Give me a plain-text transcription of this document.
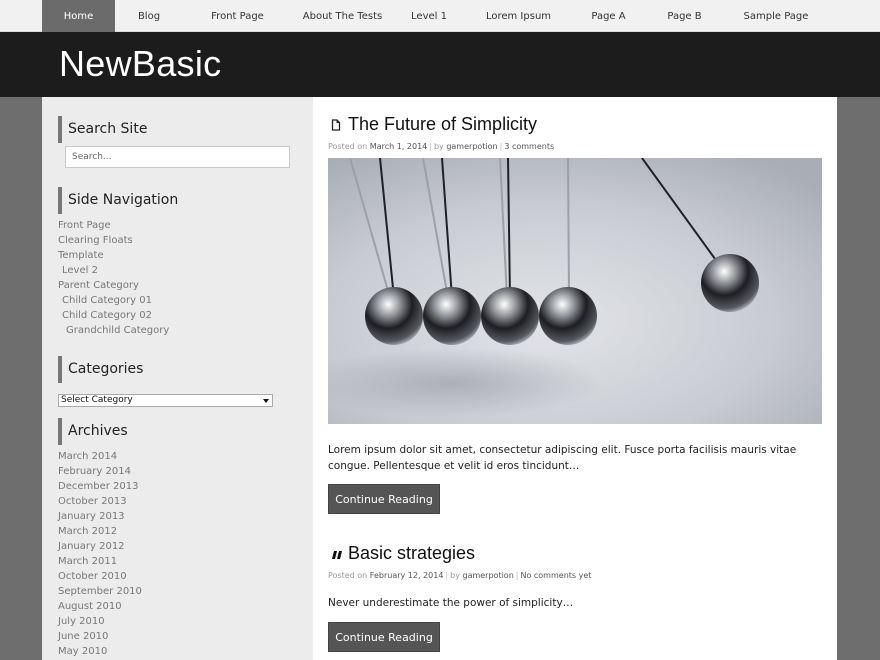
Home	Blog	Front Page	About The Tests	Level 1	Lorem Ipsum	Page A	Page B	Sample Page
NewBasic
Search Site
Search...
Side Navigation
Front Page
Clearing Floats
Template
Level 2
Parent Category
Child Category 01
Child Category 02
Grandchild Category
Categories
Select Category
Archives
March 2014
February 2014
December 2013
October 2013
January 2013
March 2012
January 2012
March 2011
October 2010
September 2010
August 2010
July 2010
June 2010
May 2010
The Future of Simplicity
Posted on March 1, 2014 | by gamerpotion | 3 comments

Lorem ipsum dolor sit amet, consectetur adipiscing elit. Fusce porta facilisis mauris vitae congue. Pellentesque et velit id eros tincidunt…

Continue Reading
Basic strategies
Posted on February 12, 2014 | by gamerpotion | No comments yet

Never underestimate the power of simplicity…

Continue Reading
